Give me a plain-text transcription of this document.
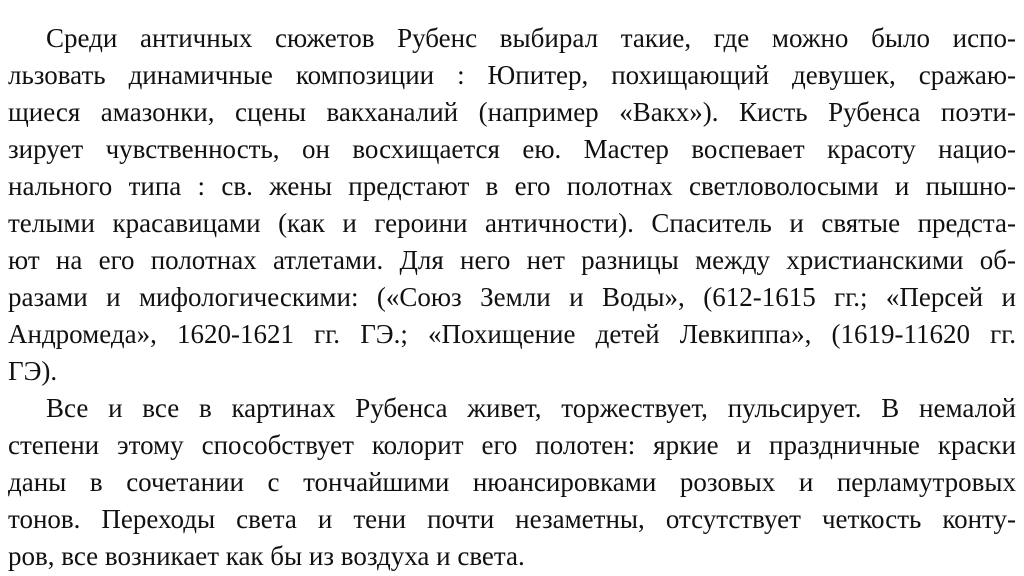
Среди античных сюжетов Рубенс выбирал такие, где можно было испо-
льзовать динамичные композиции : Юпитер, похищающий девушек, сражаю-
щиеся амазонки, сцены вакханалий (например «Вакх»). Кисть Рубенса поэти-
зирует чувственность, он восхищается ею. Мастер воспевает красоту нацио-
нального типа : св. жены предстают в его полотнах светловолосыми и пышно-
телыми красавицами (как и героини античности). Спаситель и святые предста-
ют на его полотнах атлетами. Для него нет разницы между христианскими об-
разами и мифологическими: («Союз Земли и Воды», (612-1615 гг.; «Персей и
Андромеда», 1620-1621 гг. ГЭ.; «Похищение детей Левкиппа», (1619-11620 гг.
ГЭ).
Все и все в картинах Рубенса живет, торжествует, пульсирует. В немалой
степени этому способствует колорит его полотен: яркие и праздничные краски
даны в сочетании с тончайшими нюансировками розовых и перламутровых
тонов. Переходы света и тени почти незаметны, отсутствует четкость конту-
ров, все возникает как бы из воздуха и света.
